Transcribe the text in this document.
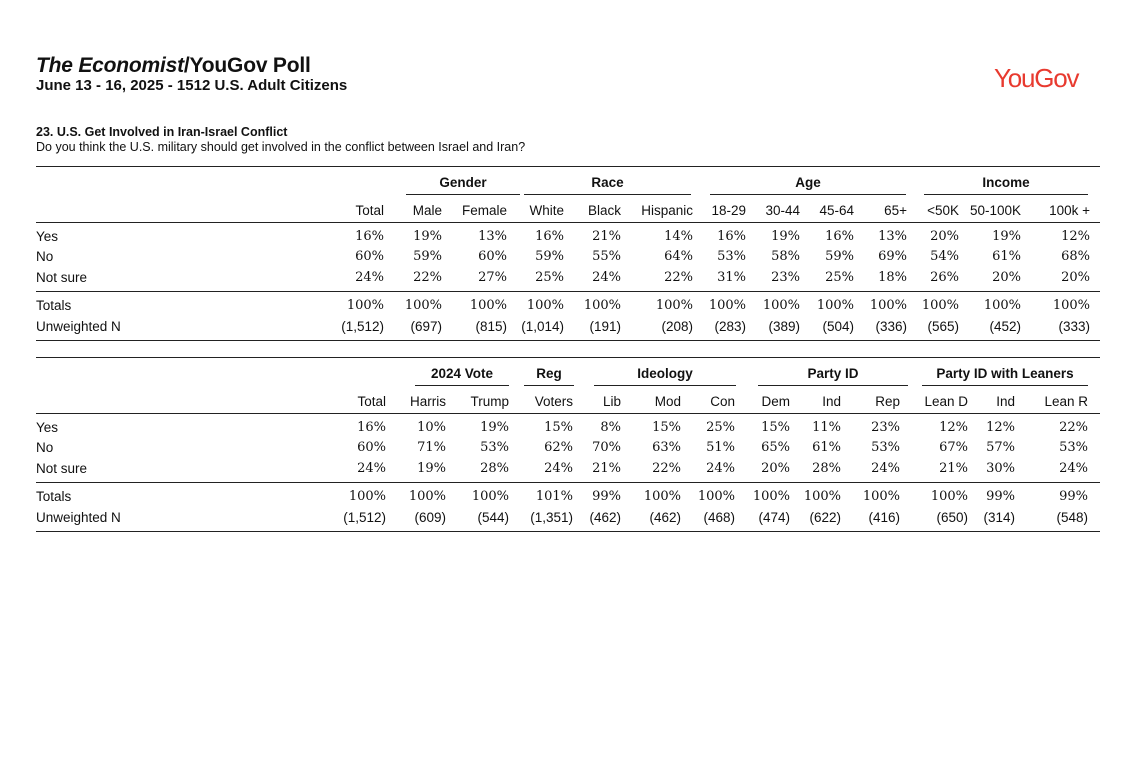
The Economist/YouGov Poll
June 13 - 16, 2025 - 1512 U.S. Adult Citizens	YouGov
23. U.S. Get Involved in Iran-Israel Conflict
Do you think the U.S. military should get involved in the conflict between Israel and Iran?
Gender	Race	Age	Income
Total Male Female White Black Hispanic 18-29 30-44 45-64 65+ <50K 50-100K 100k +
Yes	16% 19%	13% 16% 21%	14% 16% 19% 16% 13% 20%	19%	12%
No	60% 59%	60% 59% 55%	64% 53% 58% 59% 69% 54%	61%	68%
Not sure	24% 22%	27% 25% 24%	22% 31% 23% 25% 18% 26%	20%	20%
Totals	100% 100% 100% 100% 100%	100% 100% 100% 100% 100% 100% 100% 100%
Unweighted N	(1,512) (697) (815) (1,014) (191)	(208) (283) (389) (504) (336) (565) (452)	(333)
2024 Vote	Reg	Ideology	Party ID	Party ID with Leaners
Total Harris Trump Voters Lib Mod Con Dem Ind	Rep Lean D Ind Lean R
Yes	16% 10%	19%	15% 8% 15% 25% 15% 11% 23%	12% 12%	22%
No	60% 71%	53%	62% 70% 63% 51% 65% 61% 53%	67% 57%	53%
Not sure	24% 19%	28%	24% 21% 22% 24% 20% 28% 24%	21% 30%	24%
Totals	100% 100% 100% 101% 99% 100% 100% 100% 100% 100% 100% 99%	99%
Unweighted N	(1,512) (609) (544) (1,351) (462) (462) (468) (474) (622) (416)	(650) (314)	(548)
